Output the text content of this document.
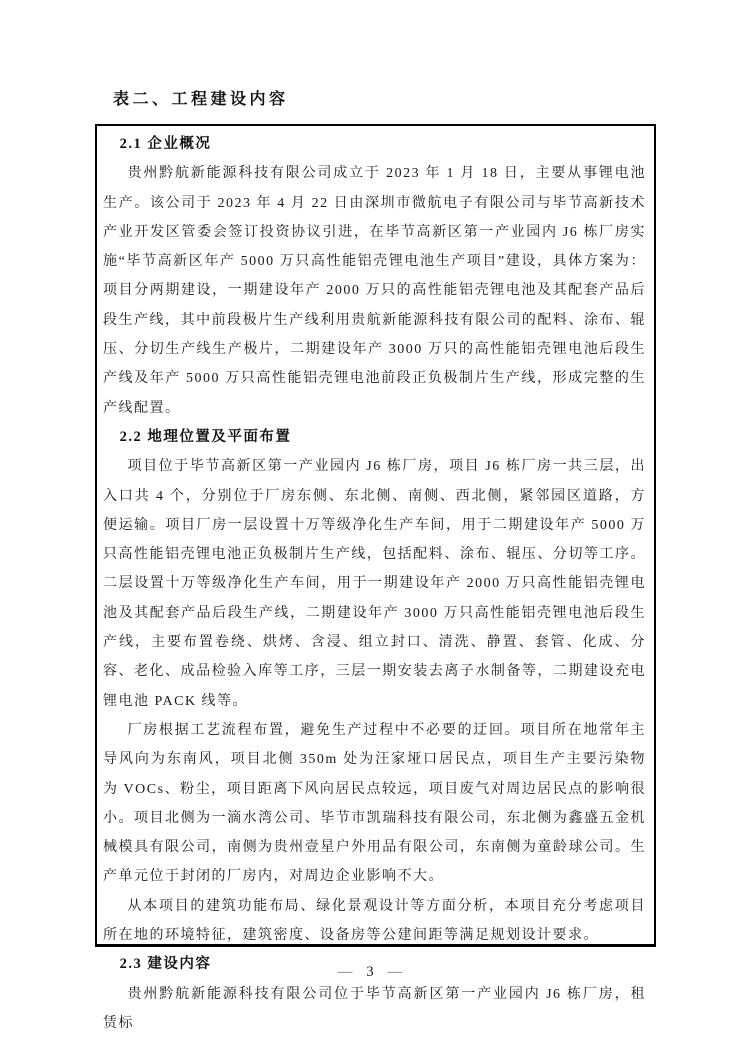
表二、工程建设内容
2.1 企业概况

贵州黔航新能源科技有限公司成立于 2023 年 1 月 18 日，主要从事锂电池生产。该公司于 2023 年 4 月 22 日由深圳市微航电子有限公司与毕节高新技术产业开发区管委会签订投资协议引进，在毕节高新区第一产业园内 J6 栋厂房实施“毕节高新区年产 5000 万只高性能铝壳锂电池生产项目”建设，具体方案为：项目分两期建设，一期建设年产 2000 万只的高性能铝壳锂电池及其配套产品后段生产线，其中前段极片生产线利用贵航新能源科技有限公司的配料、涂布、辊压、分切生产线生产极片，二期建设年产 3000 万只的高性能铝壳锂电池后段生产线及年产 5000 万只高性能铝壳锂电池前段正负极制片生产线，形成完整的生产线配置。

2.2 地理位置及平面布置

项目位于毕节高新区第一产业园内 J6 栋厂房，项目 J6 栋厂房一共三层，出入口共 4 个，分别位于厂房东侧、东北侧、南侧、西北侧，紧邻园区道路，方便运输。项目厂房一层设置十万等级净化生产车间，用于二期建设年产 5000 万只高性能铝壳锂电池正负极制片生产线，包括配料、涂布、辊压、分切等工序。二层设置十万等级净化生产车间，用于一期建设年产 2000 万只高性能铝壳锂电池及其配套产品后段生产线，二期建设年产 3000 万只高性能铝壳锂电池后段生产线，主要布置卷绕、烘烤、含浸、组立封口、清洗、静置、套管、化成、分容、老化、成品检验入库等工序，三层一期安装去离子水制备等，二期建设充电锂电池 PACK 线等。

厂房根据工艺流程布置，避免生产过程中不必要的迂回。项目所在地常年主导风向为东南风，项目北侧 350m 处为汪家垭口居民点，项目生产主要污染物为 VOCs、粉尘，项目距离下风向居民点较远，项目废气对周边居民点的影响很小。项目北侧为一滴水湾公司、毕节市凯瑞科技有限公司，东北侧为鑫盛五金机械模具有限公司，南侧为贵州壹星户外用品有限公司，东南侧为童龄球公司。生产单元位于封闭的厂房内，对周边企业影响不大。

从本项目的建筑功能布局、绿化景观设计等方面分析，本项目充分考虑项目所在地的环境特征，建筑密度、设备房等公建间距等满足规划设计要求。

2.3 建设内容

贵州黔航新能源科技有限公司位于毕节高新区第一产业园内 J6 栋厂房，租赁标

— 3 —
